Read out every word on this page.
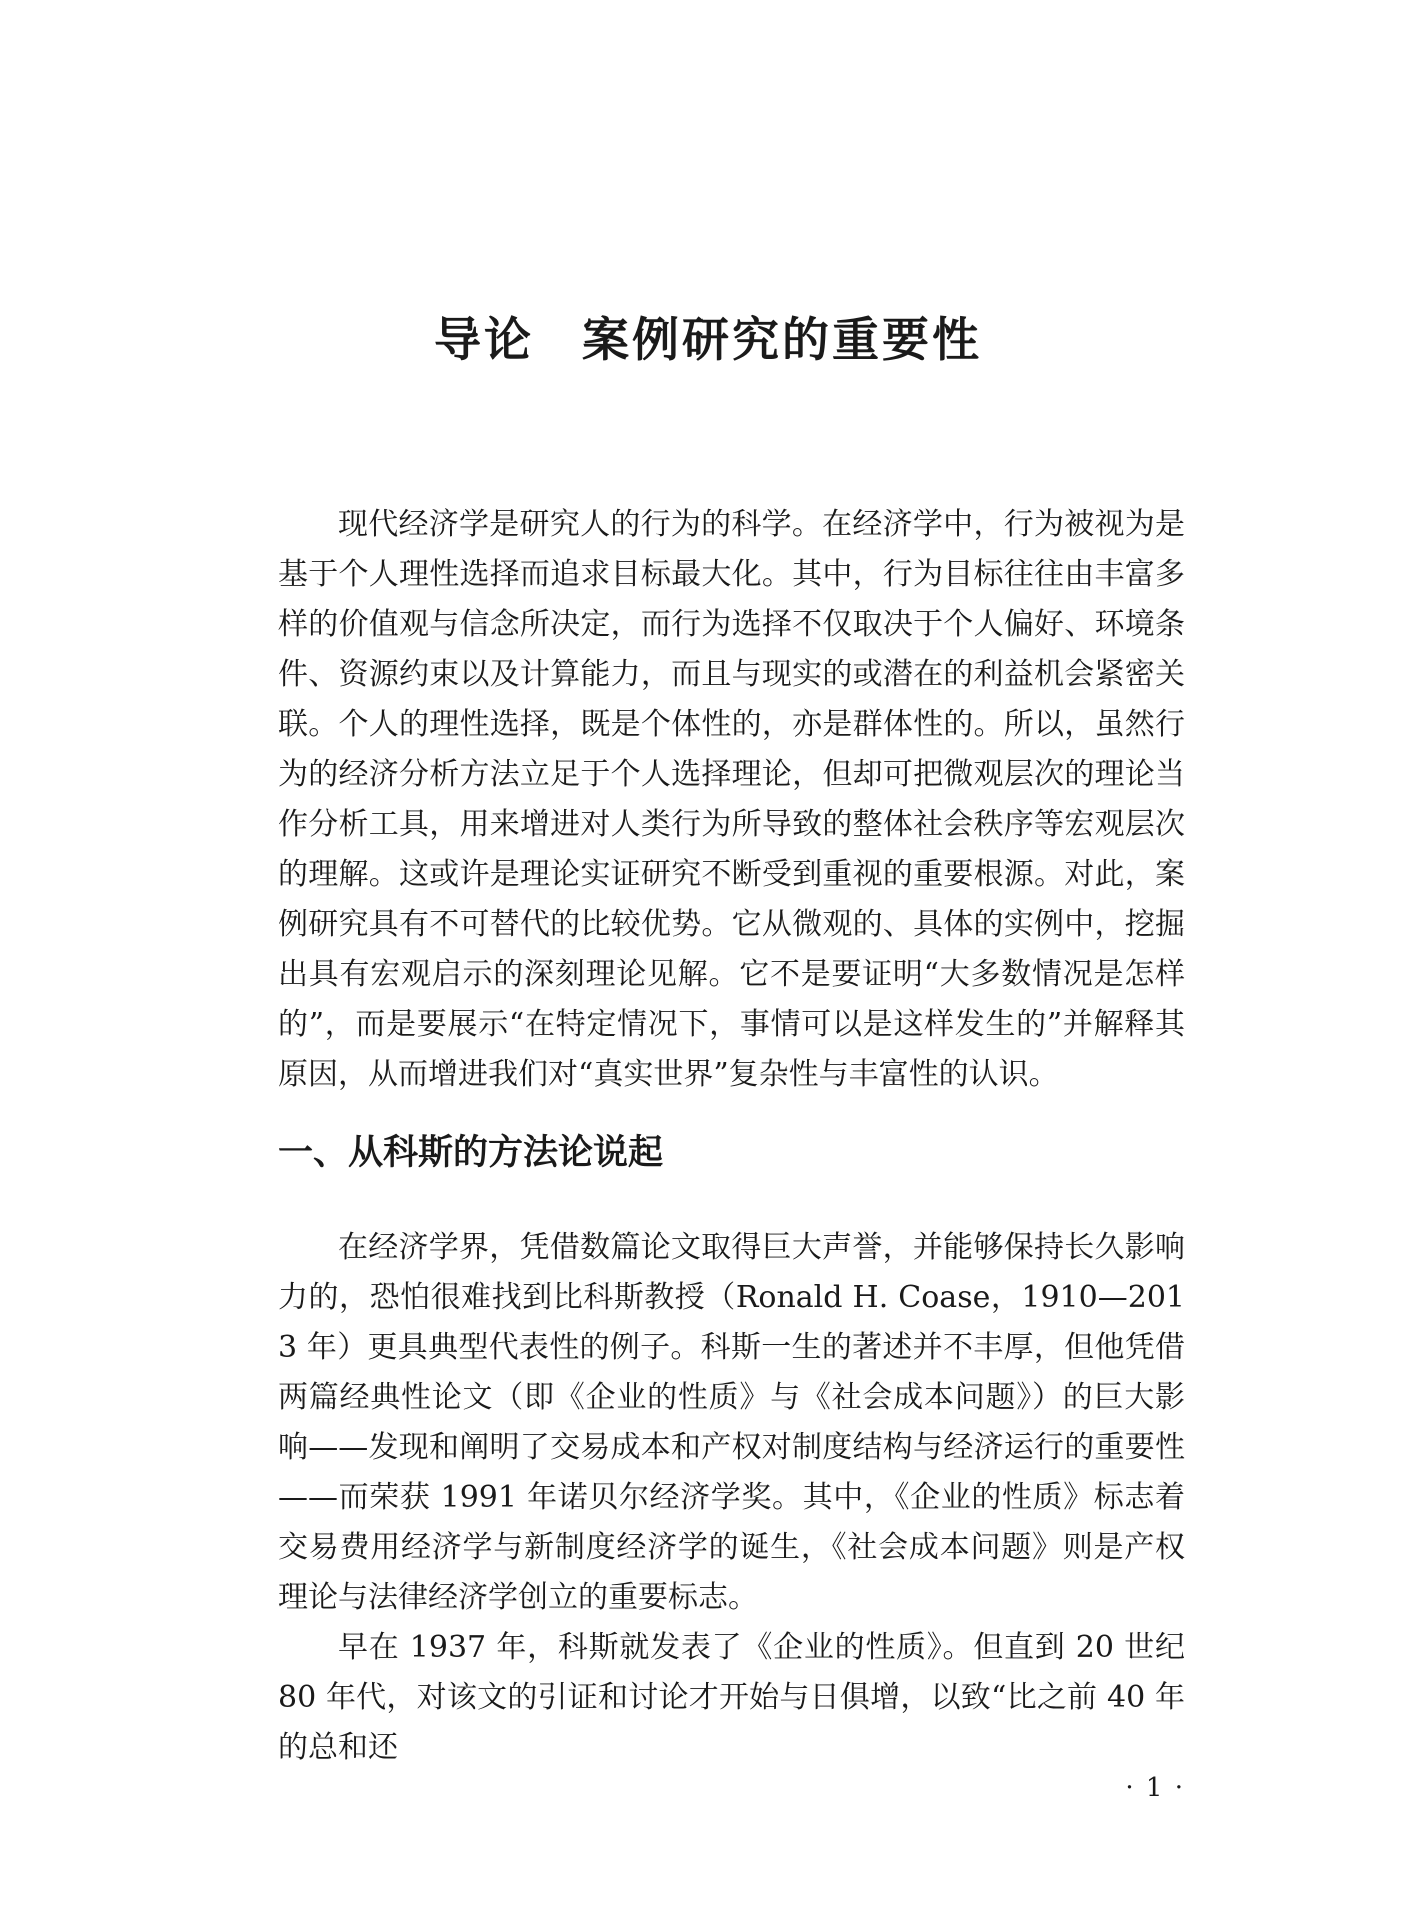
导论 案例研究的重要性

现代经济学是研究人的行为的科学。在经济学中，行为被视为是基于个人理性选择而追求目标最大化。其中，行为目标往往由丰富多样的价值观与信念所决定，而行为选择不仅取决于个人偏好、环境条件、资源约束以及计算能力，而且与现实的或潜在的利益机会紧密关联。个人的理性选择，既是个体性的，亦是群体性的。所以，虽然行为的经济分析方法立足于个人选择理论，但却可把微观层次的理论当作分析工具，用来增进对人类行为所导致的整体社会秩序等宏观层次的理解。这或许是理论实证研究不断受到重视的重要根源。对此，案例研究具有不可替代的比较优势。它从微观的、具体的实例中，挖掘出具有宏观启示的深刻理论见解。它不是要证明“大多数情况是怎样的”，而是要展示“在特定情况下，事情可以是这样发生的”并解释其原因，从而增进我们对“真实世界”复杂性与丰富性的认识。

一、从科斯的方法论说起

在经济学界，凭借数篇论文取得巨大声誉，并能够保持长久影响力的，恐怕很难找到比科斯教授（Ronald H. Coase，1910—2013 年）更具典型代表性的例子。科斯一生的著述并不丰厚，但他凭借两篇经典性论文（即《企业的性质》与《社会成本问题》）的巨大影响——发现和阐明了交易成本和产权对制度结构与经济运行的重要性——而荣获 1991 年诺贝尔经济学奖。其中，《企业的性质》标志着交易费用经济学与新制度经济学的诞生，《社会成本问题》则是产权理论与法律经济学创立的重要标志。

早在 1937 年，科斯就发表了《企业的性质》。但直到 20 世纪 80 年代，对该文的引证和讨论才开始与日俱增，以致“比之前 40 年的总和还

· 1 ·
